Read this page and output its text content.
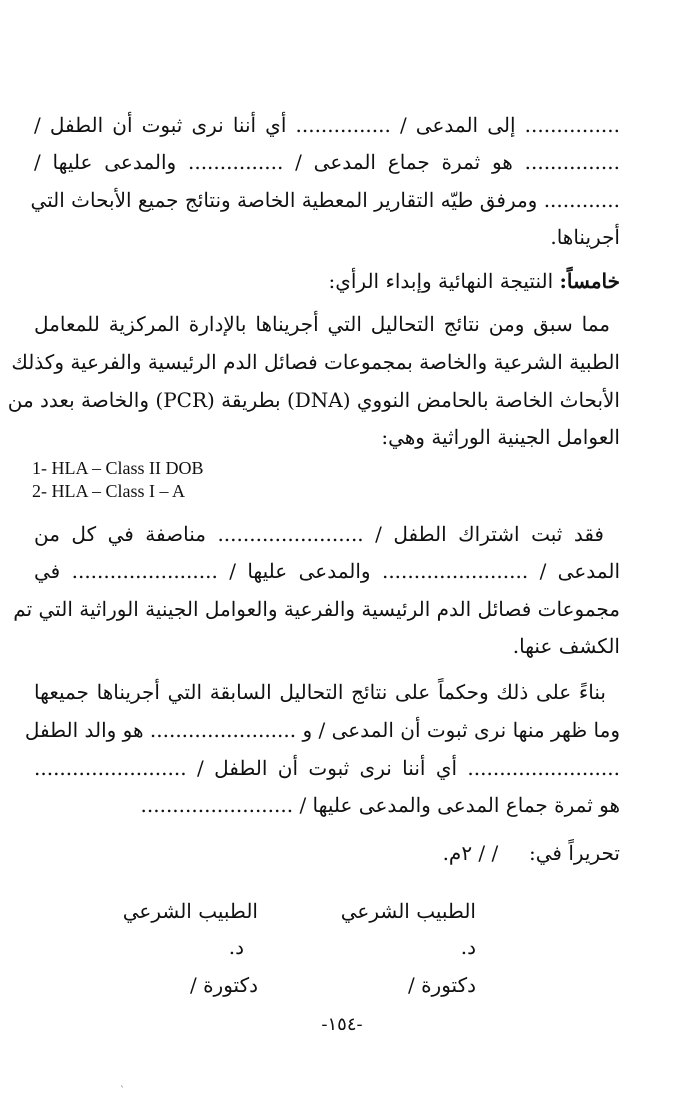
............... إلى المدعى / ............... أي أننا نرى ثبوت أن الطفل /
............... هو ثمرة جماع المدعى / ............... والمدعى عليها /
............ ومرفق طيّه التقارير المعطية الخاصة ونتائج جميع الأبحاث التي
أجريناها.
خامساً: النتيجة النهائية وإبداء الرأي:
مما سبق ومن نتائج التحاليل التي أجريناها بالإدارة المركزية للمعامل
الطبية الشرعية والخاصة بمجموعات فصائل الدم الرئيسية والفرعية وكذلك
الأبحاث الخاصة بالحامض النووي (DNA) بطريقة (PCR) والخاصة بعدد من
العوامل الجينية الوراثية وهي:
1- HLA – Class II DOB
2- HLA – Class I – A
فقد ثبت اشتراك الطفل / ....................... مناصفة في كل من
المدعى / ....................... والمدعى عليها / ....................... في
مجموعات فصائل الدم الرئيسية والفرعية والعوامل الجينية الوراثية التي تم
الكشف عنها.
بناءً على ذلك وحكماً على نتائج التحاليل السابقة التي أجريناها جميعها
وما ظهر منها نرى ثبوت أن المدعى / و ....................... هو والد الطفل
........................ أي أننا نرى ثبوت أن الطفل / ........................
هو ثمرة جماع المدعى والمدعى عليها / ........................
تحريراً في:  / / ٢م.
الطبيب الشرعي
د.
دكتورة /
الطبيب الشرعي
د.
دكتورة /
-١٥٤-
`
